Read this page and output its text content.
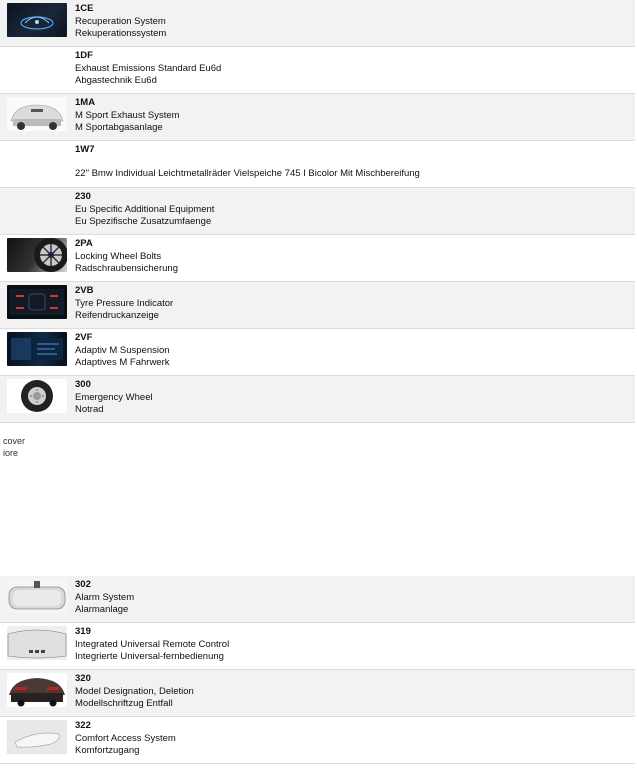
1CE
Recuperation System
Rekuperationssystem
1DF
Exhaust Emissions Standard Eu6d
Abgastechnik Eu6d
1MA
M Sport Exhaust System
M Sportabgasanlage
1W7
22" Bmw Individual Leichtmetallräder Vielspeiche 745 I Bicolor Mit Mischbereifung
230
Eu Specific Additional Equipment
Eu Spezifische Zusatzumfaenge
2PA
Locking Wheel Bolts
Radschraubensicherung
2VB
Tyre Pressure Indicator
Reifendruckanzeige
2VF
Adaptiv M Suspension
Adaptives M Fahrwerk
300
Emergency Wheel
Notrad
cover
iore
302
Alarm System
Alarmanlage
319
Integrated Universal Remote Control
Integrierte Universal-fernbedienung
320
Model Designation, Deletion
Modellschriftzug Entfall
322
Comfort Access System
Komfortzugang
